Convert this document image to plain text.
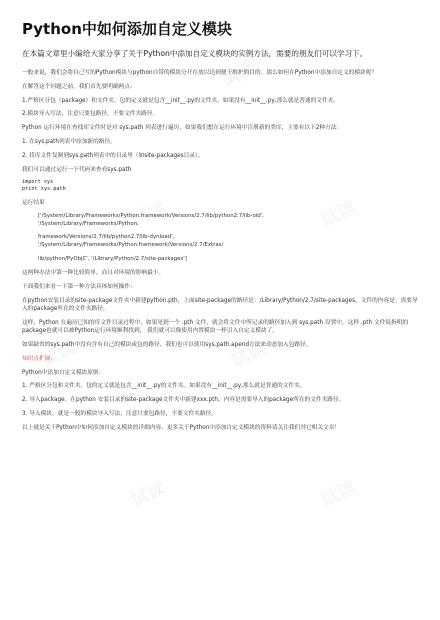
Python中如何添加自定义模块
在本篇文章里小编给大家分享了关于Python中添加自定义模块的实例方法，需要的朋友们可以学习下。

一般来说，我们会将自己写的Python模块与python自带的模块分开存放以达到便于维护的目的。那么如何在Python中添加自定义的模块呢？

在解答这个问题之前，我们首先要明确两点：

1.严格区分包（package）和文件夹。包的定义就是包含__init__.py的文件夹。如果没有__init__.py,那么就是普通的文件夹。

2.模块导入写法，注意只要包路径，不要文件夹路径。

Python 运行环境在查找库文件时是对 sys.path 列表进行遍历，如果我们想在运行环境中注册新的类库，主要有以下2种方法：

1. 在sys.path列表中添加新的路径。

2. 将库文件复制到sys.path列表中的目录里（如site-packages目录）。

我们可以通过运行一下代码来查看sys.path

import sys
print sys.path

运行结果

['/System/Library/Frameworks/Python.framework/Versions/2.7/lib/python2.7/lib-old',
'/System/Library/Frameworks/Python.
framework/Versions/2.7/lib/python2.7/lib-dynload',
'/System/Library/Frameworks/Python.framework/Versions/2.7/Extras/
lib/python/PyObjC', '/Library/Python/2.7/site-packages']

这两种办法中第一种比较简单，而且对环境的影响最小。

下面我们来看一下第一种方法具体如何操作：

在python安装目录的site-package文件夹中新建python.pth，上面site-package的路径是：/Library/Python/2.7/site-packages，文件的内容是：需要导入的package所在的文件夹路径。

这样，Python 在遍历已知的库文件目录过程中，如果见到一个 .pth 文件，就会将文件中所记录的路径加入到 sys.path 设置中，这样 .pth 文件说指明的package也就可以被Python运行环境顺利找到， 我们就可以像使用内置模块一样引入自定义模块了。

如果缺省的sys.path中没有含有自己的模块或包的路径，我们也可以使用sys.path.apend方法来动态加入包路径。

知识点扩展：

Python中添加自定义模块原则：

1. 严格区分包和文件夹。包的定义就是包含__init__.py的文件夹。如果没有__init__.py,那么就是普通的文件夹。

2. 导入package。在python 安装目录的site-package文件夹中新建xxx.pth，内容是需要导入的package所在的文件夹路径。

3. 导入模块。就是一般的模块导入写法，注意只要包路径，不要文件夹路径。

以上就是关于Python中如何添加自定义模块的详细内容，更多关于Python中添加自定义模块的资料请关注我们其它相关文章！
